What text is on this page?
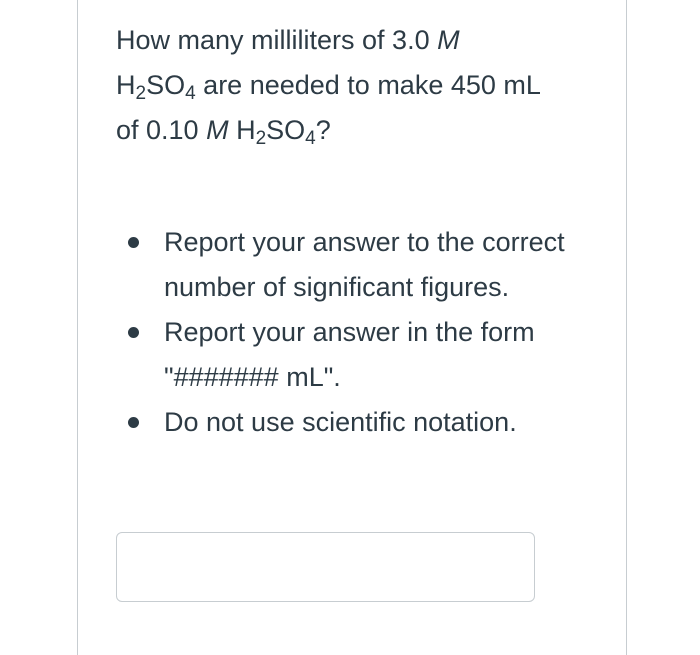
How many milliliters of 3.0 M
$H_2SO_4$ are needed to make 450 mL
of 0.10 M $H_2SO_4$?
Report your answer to the correct number of significant figures.
Report your answer in the form "####### mL".
Do not use scientific notation.
